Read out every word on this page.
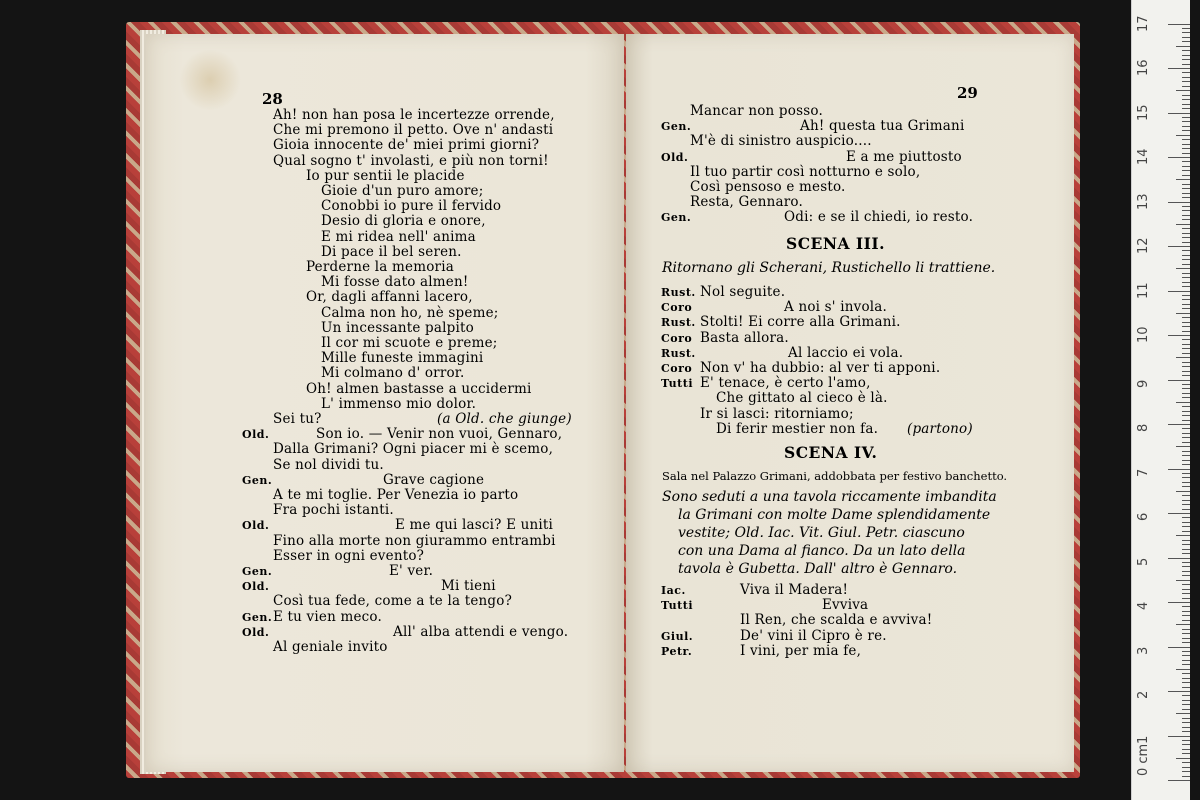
28	29
Ah! non han posa le incertezze orrende,
Che mi premono il petto. Ove n' andasti
Gioia innocente de' miei primi giorni?
Qual sogno t' involasti, e più non torni!
Io pur sentii le placide
Gioie d'un puro amore;
Conobbi io pure il fervido
Desio di gloria e onore,
E mi ridea nell' anima
Di pace il bel seren.
Perderne la memoria
Mi fosse dato almen!
Or, dagli affanni lacero,
Calma non ho, nè speme;
Un incessante palpito
Il cor mi scuote e preme;
Mille funeste immagini
Mi colmano d' orror.
Oh! almen bastasse a uccidermi
L' immenso mio dolor.
Sei tu?	(a Old. che giunge)
Old.	Son io. — Venir non vuoi, Gennaro,
Dalla Grimani? Ogni piacer mi è scemo,
Se nol dividi tu.
Gen.	Grave cagione
A te mi toglie. Per Venezia io parto
Fra pochi istanti.
Old.	E me qui lasci? E uniti
Fino alla morte non giurammo entrambi
Esser in ogni evento?
Gen.	E' ver.
Old.	Mi tieni
Così tua fede, come a te la tengo?
Gen. E tu vien meco.
Old.	All' alba attendi e vengo.
Al geniale invito
Mancar non posso.
Gen.	Ah! questa tua Grimani
M'è di sinistro auspicio....
Old.	E a me piuttosto
Il tuo partir così notturno e solo,
Così pensoso e mesto.
Resta, Gennaro.
Gen.	Odi: e se il chiedi, io resto.
SCENA III.
Ritornano gli Scherani, Rustichello li trattiene.
Rust. Nol seguite.
Coro	A noi s' invola.
Rust. Stolti! Ei corre alla Grimani.
Coro Basta allora.
Rust.	Al laccio ei vola.
Coro Non v' ha dubbio: al ver ti apponi.
Tutti E' tenace, è certo l'amo,
Che gittato al cieco è là.
Ir si lasci: ritorniamo;
Di ferir mestier non fa. (partono)
SCENA IV.
Sala nel Palazzo Grimani, addobbata per festivo banchetto.
Sono seduti a una tavola riccamente imbandita
la Grimani con molte Dame splendidamente
vestite; Old. Iac. Vit. Giul. Petr. ciascuno
con una Dama al fianco. Da un lato della
tavola è Gubetta. Dall' altro è Gennaro.
Iac.	Viva il Madera!
Tutti	Evviva
Il Ren, che scalda e avviva!
Giul.	De' vini il Cipro è re.
Petr.	I vini, per mia fe,
17
16
15
14
13
12
11
10
9
8
7
6
5
4
3
2
1
0 cm
